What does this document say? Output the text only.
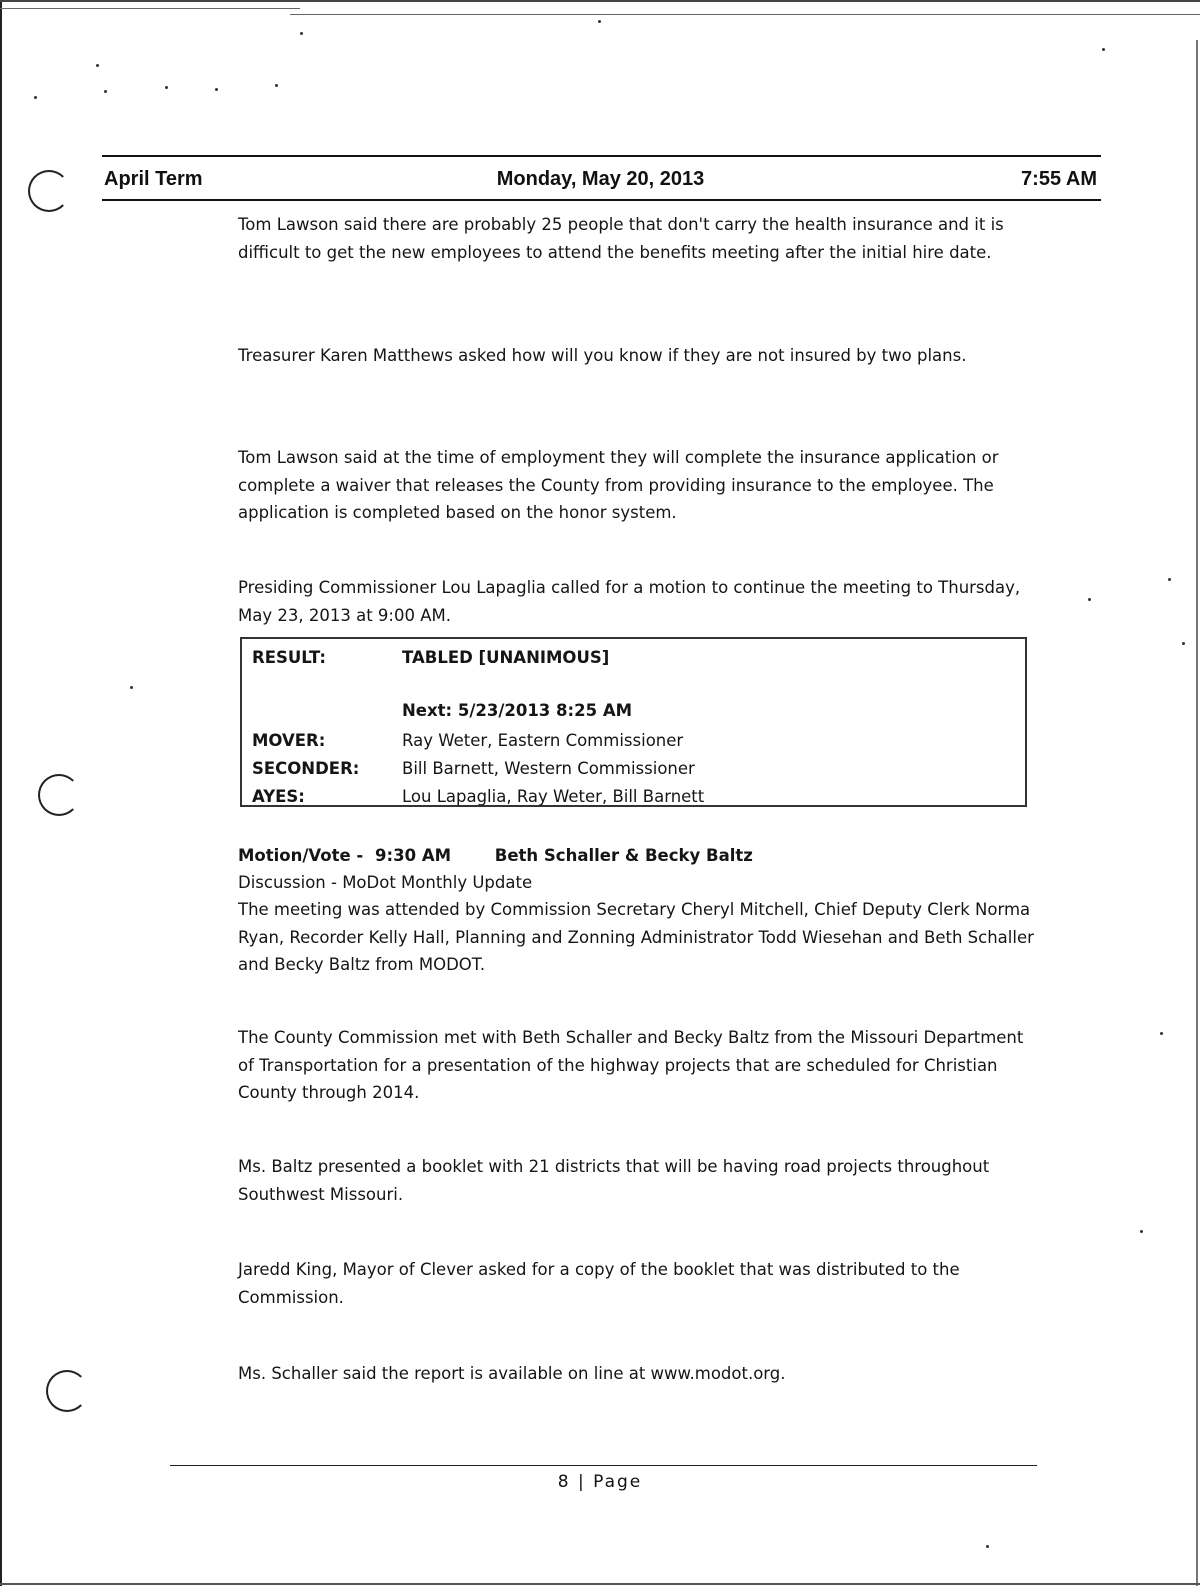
April Term	Monday, May 20, 2013	7:55 AM

Tom Lawson said there are probably 25 people that don't carry the health insurance and it is difficult to get the new employees to attend the benefits meeting after the initial hire date.

Treasurer Karen Matthews asked how will you know if they are not insured by two plans.

Tom Lawson said at the time of employment they will complete the insurance application or complete a waiver that releases the County from providing insurance to the employee. The application is completed based on the honor system.

Presiding Commissioner Lou Lapaglia called for a motion to continue the meeting to Thursday, May 23, 2013 at 9:00 AM.

RESULT:	TABLED [UNANIMOUS]
Next: 5/23/2013 8:25 AM
MOVER:	Ray Weter, Eastern Commissioner
SECONDER:	Bill Barnett, Western Commissioner
AYES:	Lou Lapaglia, Ray Weter, Bill Barnett
Motion/Vote - 9:30 AM	Beth Schaller & Becky Baltz
Discussion - MoDot Monthly Update

The meeting was attended by Commission Secretary Cheryl Mitchell, Chief Deputy Clerk Norma Ryan, Recorder Kelly Hall, Planning and Zonning Administrator Todd Wiesehan and Beth Schaller and Becky Baltz from MODOT.

The County Commission met with Beth Schaller and Becky Baltz from the Missouri Department of Transportation for a presentation of the highway projects that are scheduled for Christian County through 2014.

Ms. Baltz presented a booklet with 21 districts that will be having road projects throughout Southwest Missouri.

Jaredd King, Mayor of Clever asked for a copy of the booklet that was distributed to the Commission.

Ms. Schaller said the report is available on line at www.modot.org.

8 | Page
